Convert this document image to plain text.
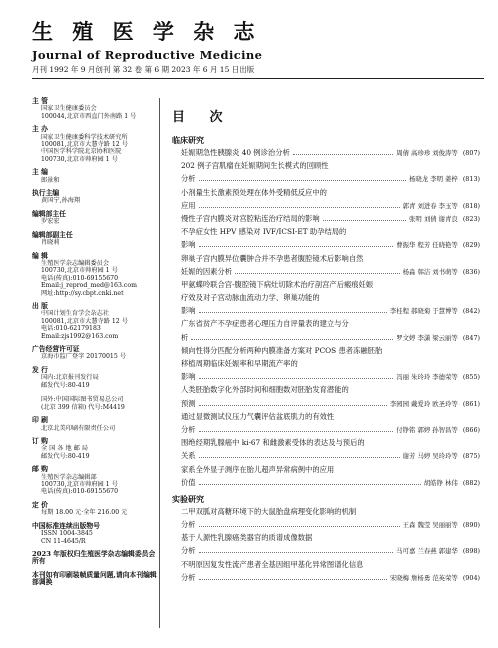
生 殖 医 学 杂 志
Journal of Reproductive Medicine
月刊 1992 年 9 月创刊 第 32 卷 第 6 期 2023 年 6 月 15 日出版
主 管
国家卫生健康委员会
100044,北京市西直门外南路 1 号
主 办
国家卫生健康委科学技术研究所
100081,北京市大慧寺路 12 号
中国医学科学院北京协和医院
100730,北京市帅府园 1 号
主 编
郎景和
执行主编
黄国宁,孙海翔
编辑部主任
罗宏宏
编辑部副主任
肖晓莉
编 辑
生殖医学杂志编辑委员会
100730,北京市帅府园 1 号
电话(传真):010-69155670
Email:j_reprod_med@163.com
网址:http://sy.cbpt.cnki.net
出 版
中国计划生育学会杂志社
100081,北京市大慧寺路 12 号
电话:010-62179183
Email:zjs1992@163.com
广告经营许可证
京海市监广登字 20170015 号
发 行
国内:北京报刊发行局
邮发代号:80-419

国外:中国国际图书贸易总公司
(北京 399 信箱) 代号:M4419
印 刷
北京北美印刷有限责任公司
订 购
全 国 各 地 邮 局
邮发代号:80-419
邮 购
生殖医学杂志编辑部
100730,北京市帅府园 1 号
电话(传真):010-69155670
定 价
每期 18.00 元·全年 216.00 元
中国标准连续出版物号
ISSN 1004-3845
CN 11-4645/R
2023 年版权归生殖医学杂志编辑委员会所有
本刊如有印刷装帧质量问题,请向本刊编辑部调换
目 次
临床研究
妊娠期急性胰腺炎 40 例诊治分析	周倩 高珍珍 刘俊涛等 (807)
202 例子宫肌瘤在妊娠期间生长模式的回顾性
分析	杨晓龙 李明 姜梓 (813)
小剂量生长激素预处理在体外受精低反应中的
应用	郭青 刘进春 李玉等 (818)
慢性子宫内膜炎对宫腔粘连治疗结局的影响	张明 刘倩 谢青良 (823)
不孕症女性 HPV 感染对 IVF/ICSI-ET 助孕结局的
影响	曹振华 程芳 任晓艳等 (829)
卵巢子宫内膜异位囊肿合并不孕患者腹腔镜术后影响自然
妊娠的因素分析	杨淼 韩洁 刘书萌等 (836)
甲氨蝶呤联合宫-腹腔镜下病灶切除术治疗剖宫产后瘢痕妊娠
疗效及对子宫动脉血流动力学、卵巢功能的
影响	李桂程 郝晓菊 于慧博等 (842)
广东省贫产不孕症患者心理压力自评量表的建立与分
析	罗文婷 李潇 梁云丽等 (847)
倾向性得分匹配分析两种内膜准备方案对 PCOS 患者冻融胚胎
移植周期临床妊娠率和早期流产率的
影响	冯丽 朱玲玲 李德荣等 (855)
人类胚胎数字化外部时间和细胞数对胚胎发育潜能的
预测	李园园 戴爱玲 欧圣玲等 (861)
通过显微测试仪压力气囊评估盆底肌力的有效性
分析	付铮铭 郭婷 孙智昌等 (866)
围绝经期乳腺癌中 ki-67 和雌激素受体的表达及与预后的
关系	谢芳 马婷 吴玲玲等 (875)
家系全外显子测序在胎儿超声异常病例中的应用
价值	胡皓铮 林伟 (882)
实验研究
二甲双胍对高糖环境下的大鼠胎盘病理变化影响的机制
分析	王森 魏莹 吴丽丽等 (890)
基于人源性乳腺癌类器官的质谱成像数据
分析	马可嘉 兰春燕 郭建华 (898)
不明原因复发性流产患者全基因组甲基化异常图谱化信息
分析	宋晓梅 詹杨勇 范英荣等 (904)
